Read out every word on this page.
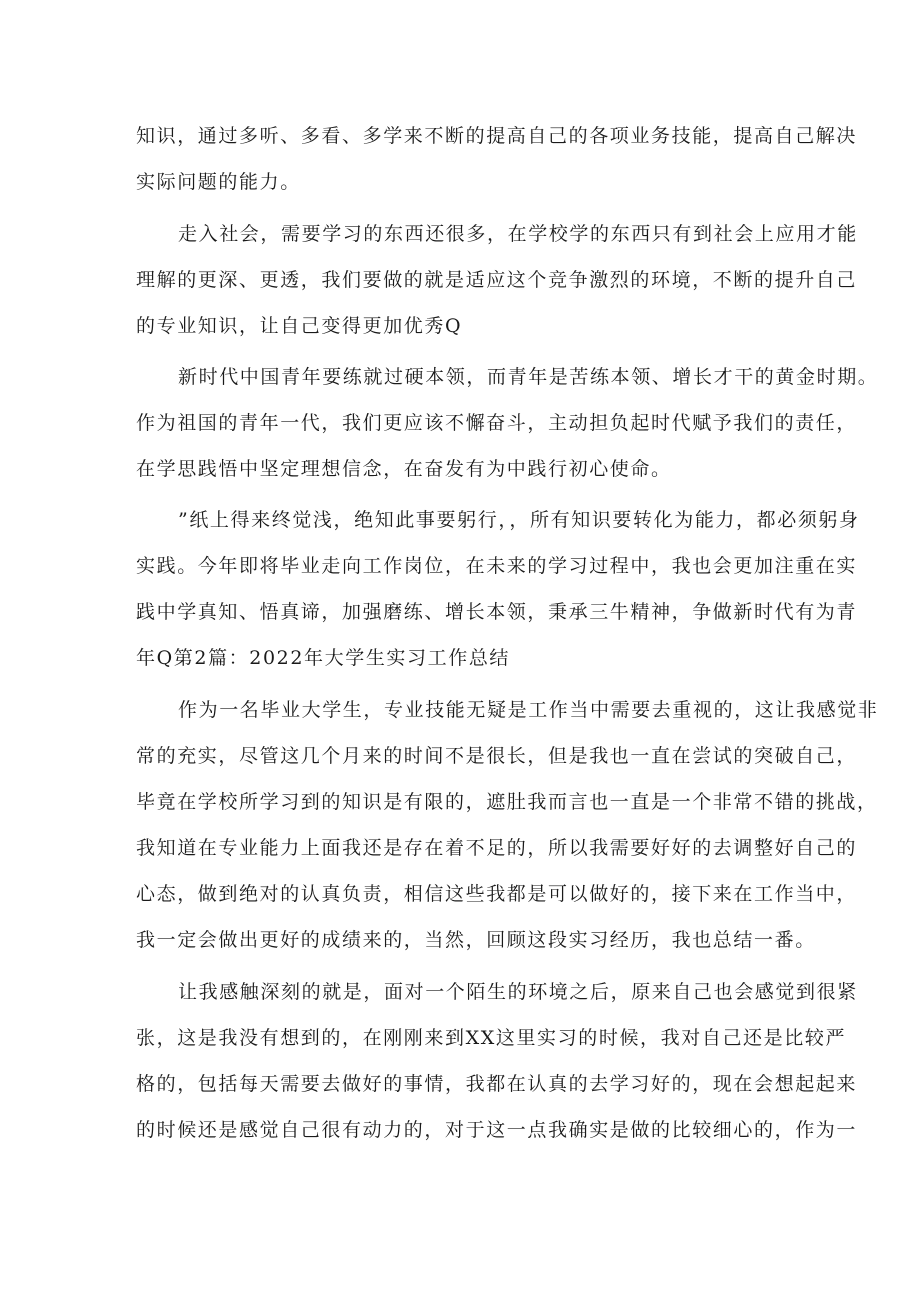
知识，通过多听、多看、多学来不断的提高自己的各项业务技能，提高自己解决
实际问题的能力。
走入社会，需要学习的东西还很多，在学校学的东西只有到社会上应用才能
理解的更深、更透，我们要做的就是适应这个竞争激烈的环境，不断的提升自己
的专业知识，让自己变得更加优秀Q
新时代中国青年要练就过硬本领，而青年是苦练本领、增长才干的黄金时期。
作为祖国的青年一代，我们更应该不懈奋斗，主动担负起时代赋予我们的责任，
在学思践悟中坚定理想信念，在奋发有为中践行初心使命。
”纸上得来终觉浅，绝知此事要躬行，，所有知识要转化为能力，都必须躬身
实践。今年即将毕业走向工作岗位，在未来的学习过程中，我也会更加注重在实
践中学真知、悟真谛，加强磨练、增长本领，秉承三牛精神，争做新时代有为青
年Q第2篇：2022年大学生实习工作总结
作为一名毕业大学生，专业技能无疑是工作当中需要去重视的，这让我感觉非
常的充实，尽管这几个月来的时间不是很长，但是我也一直在尝试的突破自己，
毕竟在学校所学习到的知识是有限的，遮肚我而言也一直是一个非常不错的挑战，
我知道在专业能力上面我还是存在着不足的，所以我需要好好的去调整好自己的
心态，做到绝对的认真负责，相信这些我都是可以做好的，接下来在工作当中，
我一定会做出更好的成绩来的，当然，回顾这段实习经历，我也总结一番。
让我感触深刻的就是，面对一个陌生的环境之后，原来自己也会感觉到很紧
张，这是我没有想到的，在刚刚来到XX这里实习的时候，我对自己还是比较严
格的，包括每天需要去做好的事情，我都在认真的去学习好的，现在会想起起来
的时候还是感觉自己很有动力的，对于这一点我确实是做的比较细心的，作为一
